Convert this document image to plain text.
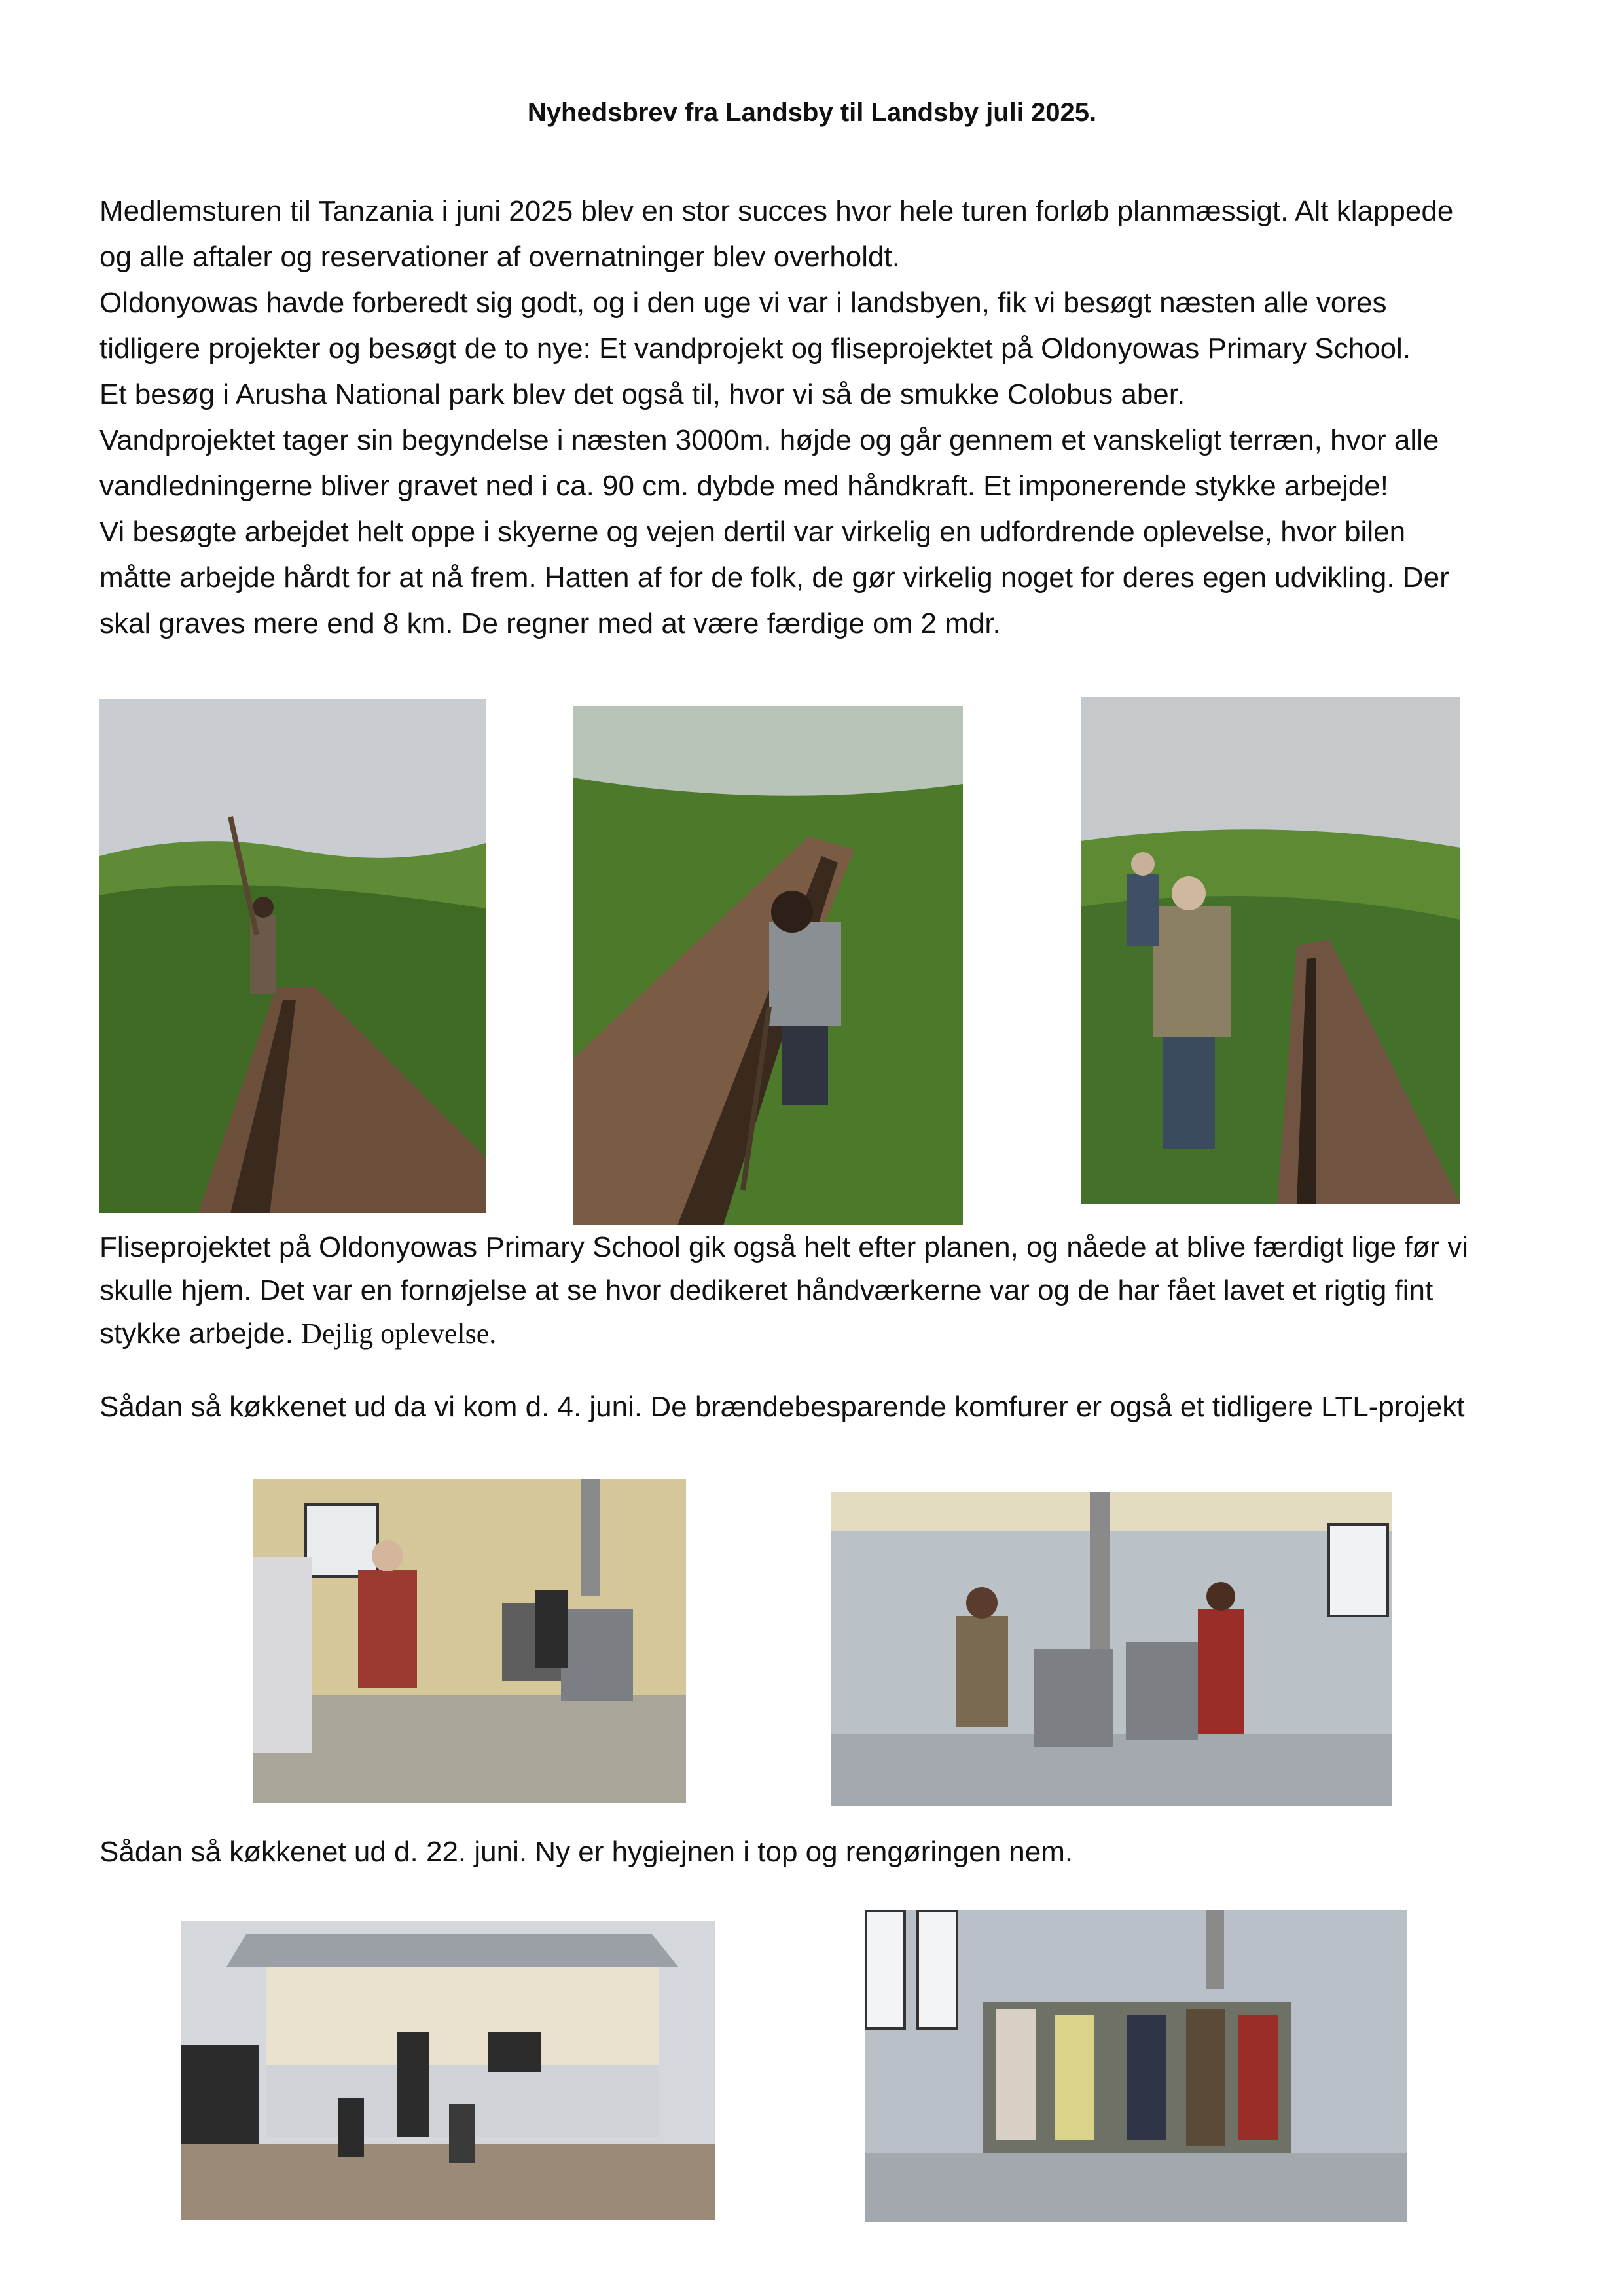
Nyhedsbrev fra Landsby til Landsby juli 2025.

Medlemsturen til Tanzania i juni 2025 blev en stor succes hvor hele turen forløb planmæssigt. Alt klappede

og alle aftaler og reservationer af overnatninger blev overholdt.

Oldonyowas havde forberedt sig godt, og i den uge vi var i landsbyen, fik vi besøgt næsten alle vores

tidligere projekter og besøgt de to nye: Et vandprojekt og fliseprojektet på Oldonyowas Primary School.

Et besøg i Arusha National park blev det også til, hvor vi så de smukke Colobus aber.

Vandprojektet tager sin begyndelse i næsten 3000m. højde og går gennem et vanskeligt terræn, hvor alle

vandledningerne bliver gravet ned i ca. 90 cm. dybde med håndkraft. Et imponerende stykke arbejde!

Vi besøgte arbejdet helt oppe i skyerne og vejen dertil var virkelig en udfordrende oplevelse, hvor bilen

måtte arbejde hårdt for at nå frem. Hatten af for de folk, de gør virkelig noget for deres egen udvikling. Der

skal graves mere end 8 km. De regner med at være færdige om 2 mdr.

Fliseprojektet på Oldonyowas Primary School gik også helt efter planen, og nåede at blive færdigt lige før vi

skulle hjem. Det var en fornøjelse at se hvor dedikeret håndværkerne var og de har fået lavet et rigtig fint

stykke arbejde. Dejlig oplevelse.

Sådan så køkkenet ud da vi kom d. 4. juni. De brændebesparende komfurer er også et tidligere LTL-projekt
Sådan så køkkenet ud d. 22. juni. Ny er hygiejnen i top og rengøringen nem.
